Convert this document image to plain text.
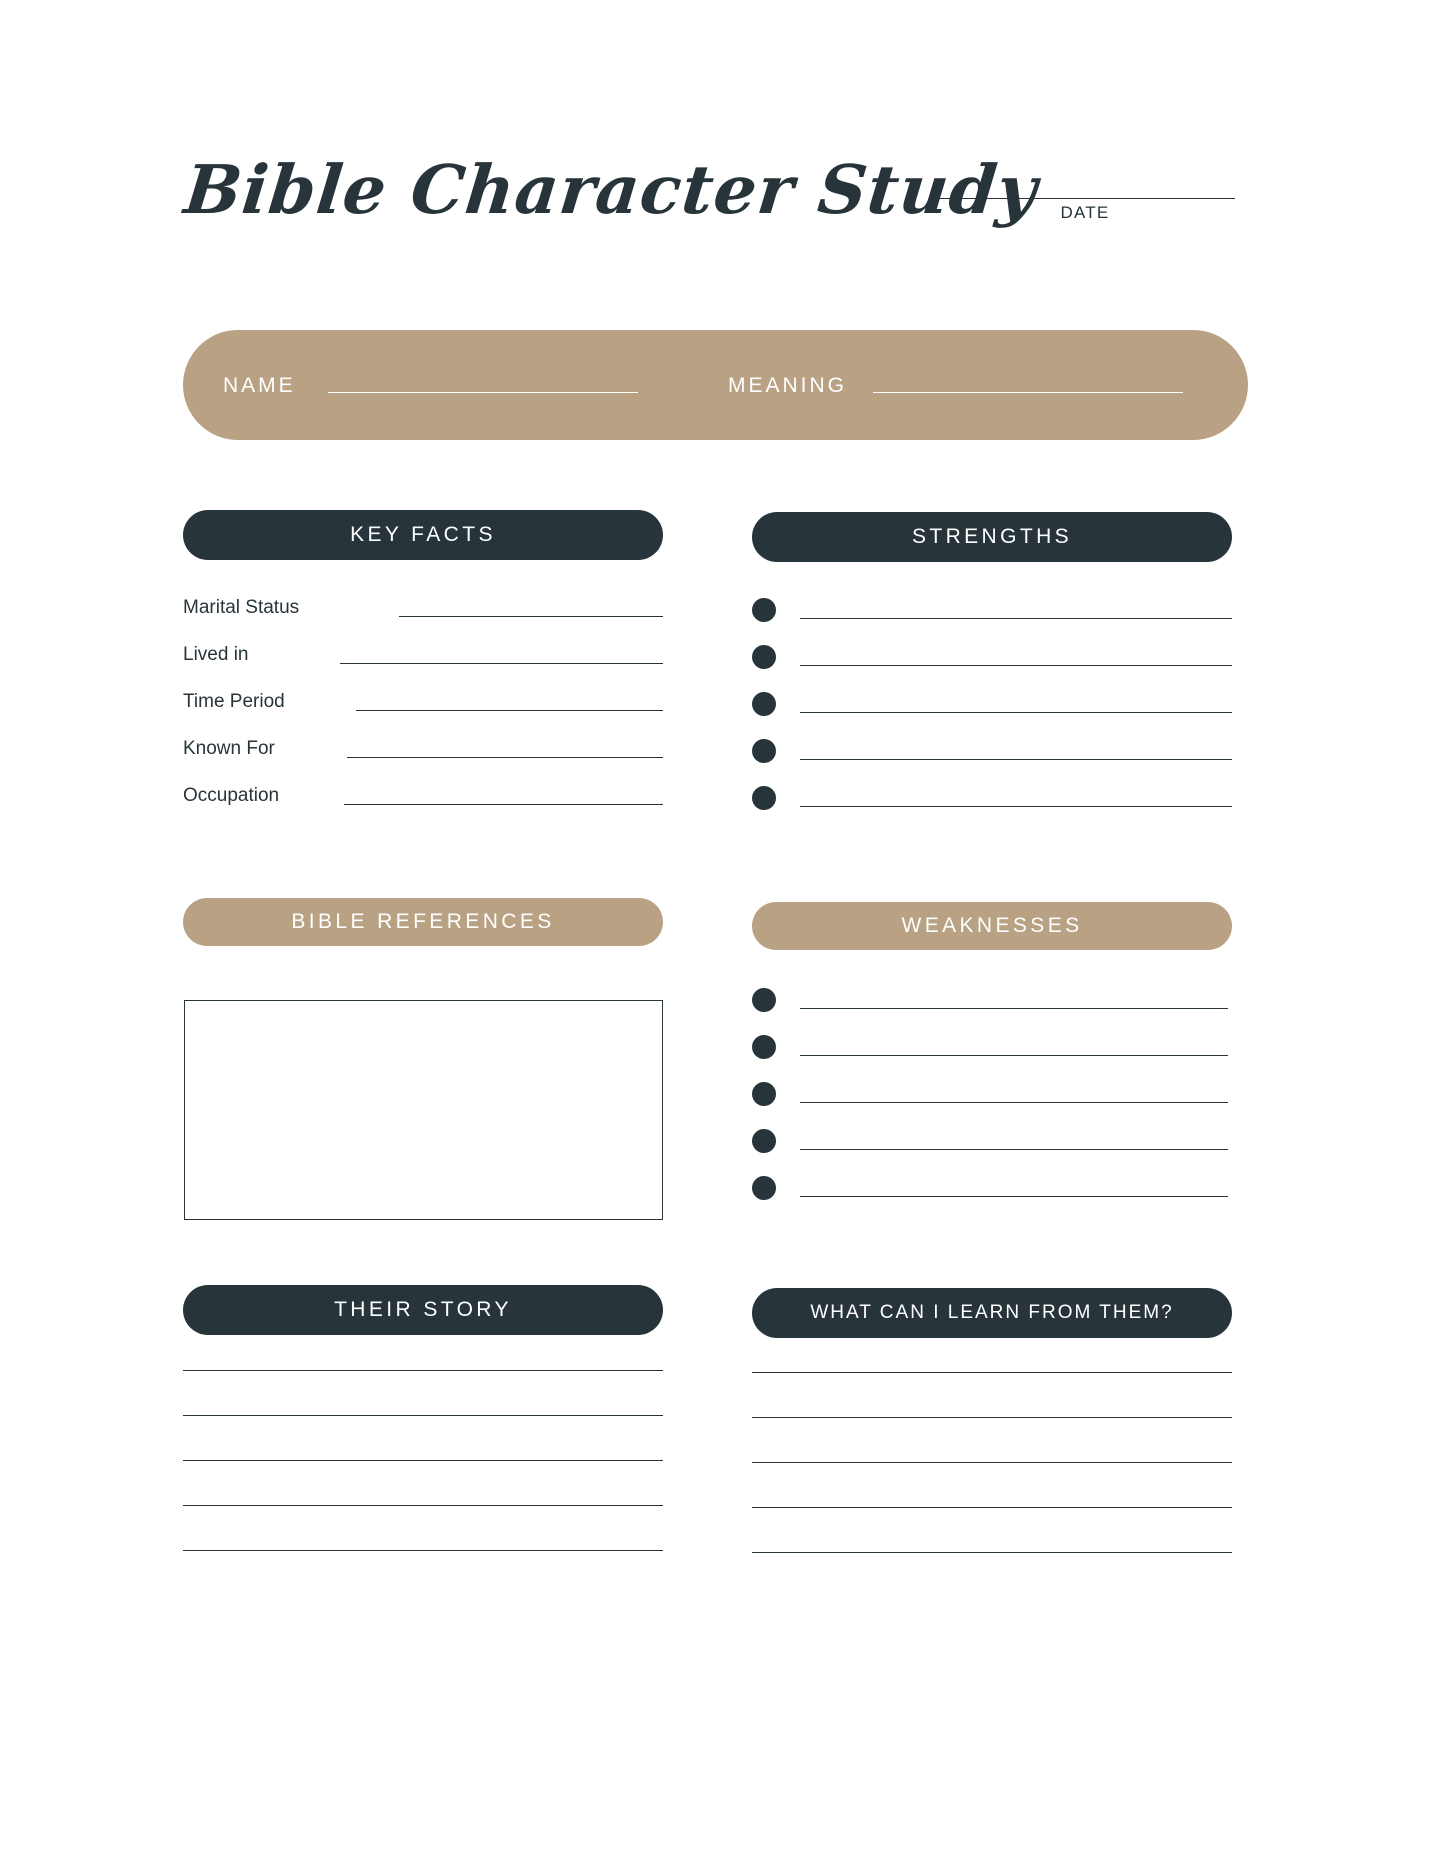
Bible Character Study	DATE
NAME	MEANING
KEY FACTS	STRENGTHS
BIBLE REFERENCES	WEAKNESSES
THEIR STORY	WHAT CAN I LEARN FROM THEM?
Marital Status
Lived in
Time Period
Known For
Occupation
